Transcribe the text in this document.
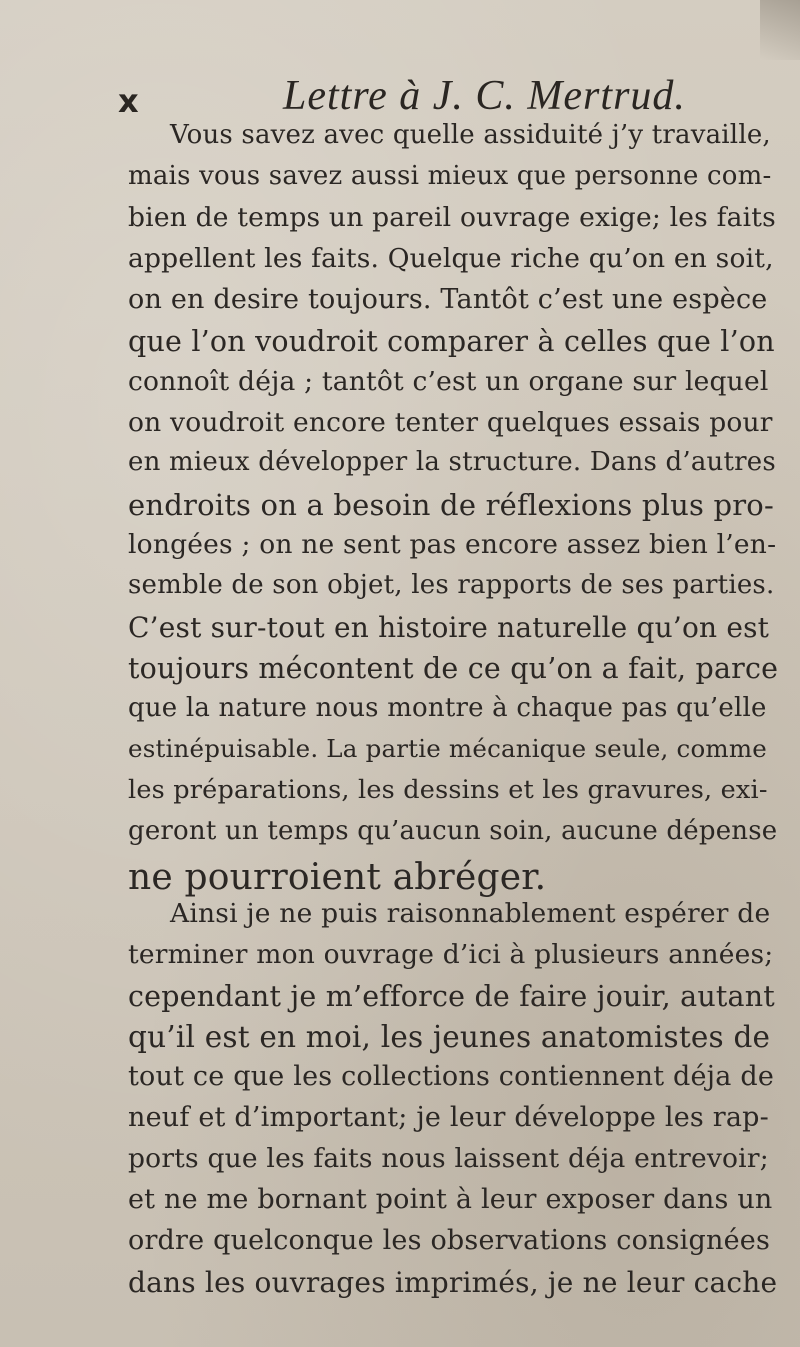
x	Lettre à J. C. Mertrud.
Vous savez avec quelle assiduité j’y travaille,
mais vous savez aussi mieux que personne com-
bien de temps un pareil ouvrage exige; les faits
appellent les faits. Quelque riche qu’on en soit,
on en desire toujours. Tantôt c’est une espèce
que l’on voudroit comparer à celles que l’on
connoît déja ; tantôt c’est un organe sur lequel
on voudroit encore tenter quelques essais pour
en mieux développer la structure. Dans d’autres
endroits on a besoin de réflexions plus pro-
longées ; on ne sent pas encore assez bien l’en-
semble de son objet, les rapports de ses parties.
C’est sur-tout en histoire naturelle qu’on est
toujours mécontent de ce qu’on a fait, parce
que la nature nous montre à chaque pas qu’elle
estinépuisable. La partie mécanique seule, comme
les préparations, les dessins et les gravures, exi-
geront un temps qu’aucun soin, aucune dépense
ne pourroient abréger.
Ainsi je ne puis raisonnablement espérer de
terminer mon ouvrage d’ici à plusieurs années;
cependant je m’efforce de faire jouir, autant
qu’il est en moi, les jeunes anatomistes de
tout ce que les collections contiennent déja de
neuf et d’important; je leur développe les rap-
ports que les faits nous laissent déja entrevoir;
et ne me bornant point à leur exposer dans un
ordre quelconque les observations consignées
dans les ouvrages imprimés, je ne leur cache
